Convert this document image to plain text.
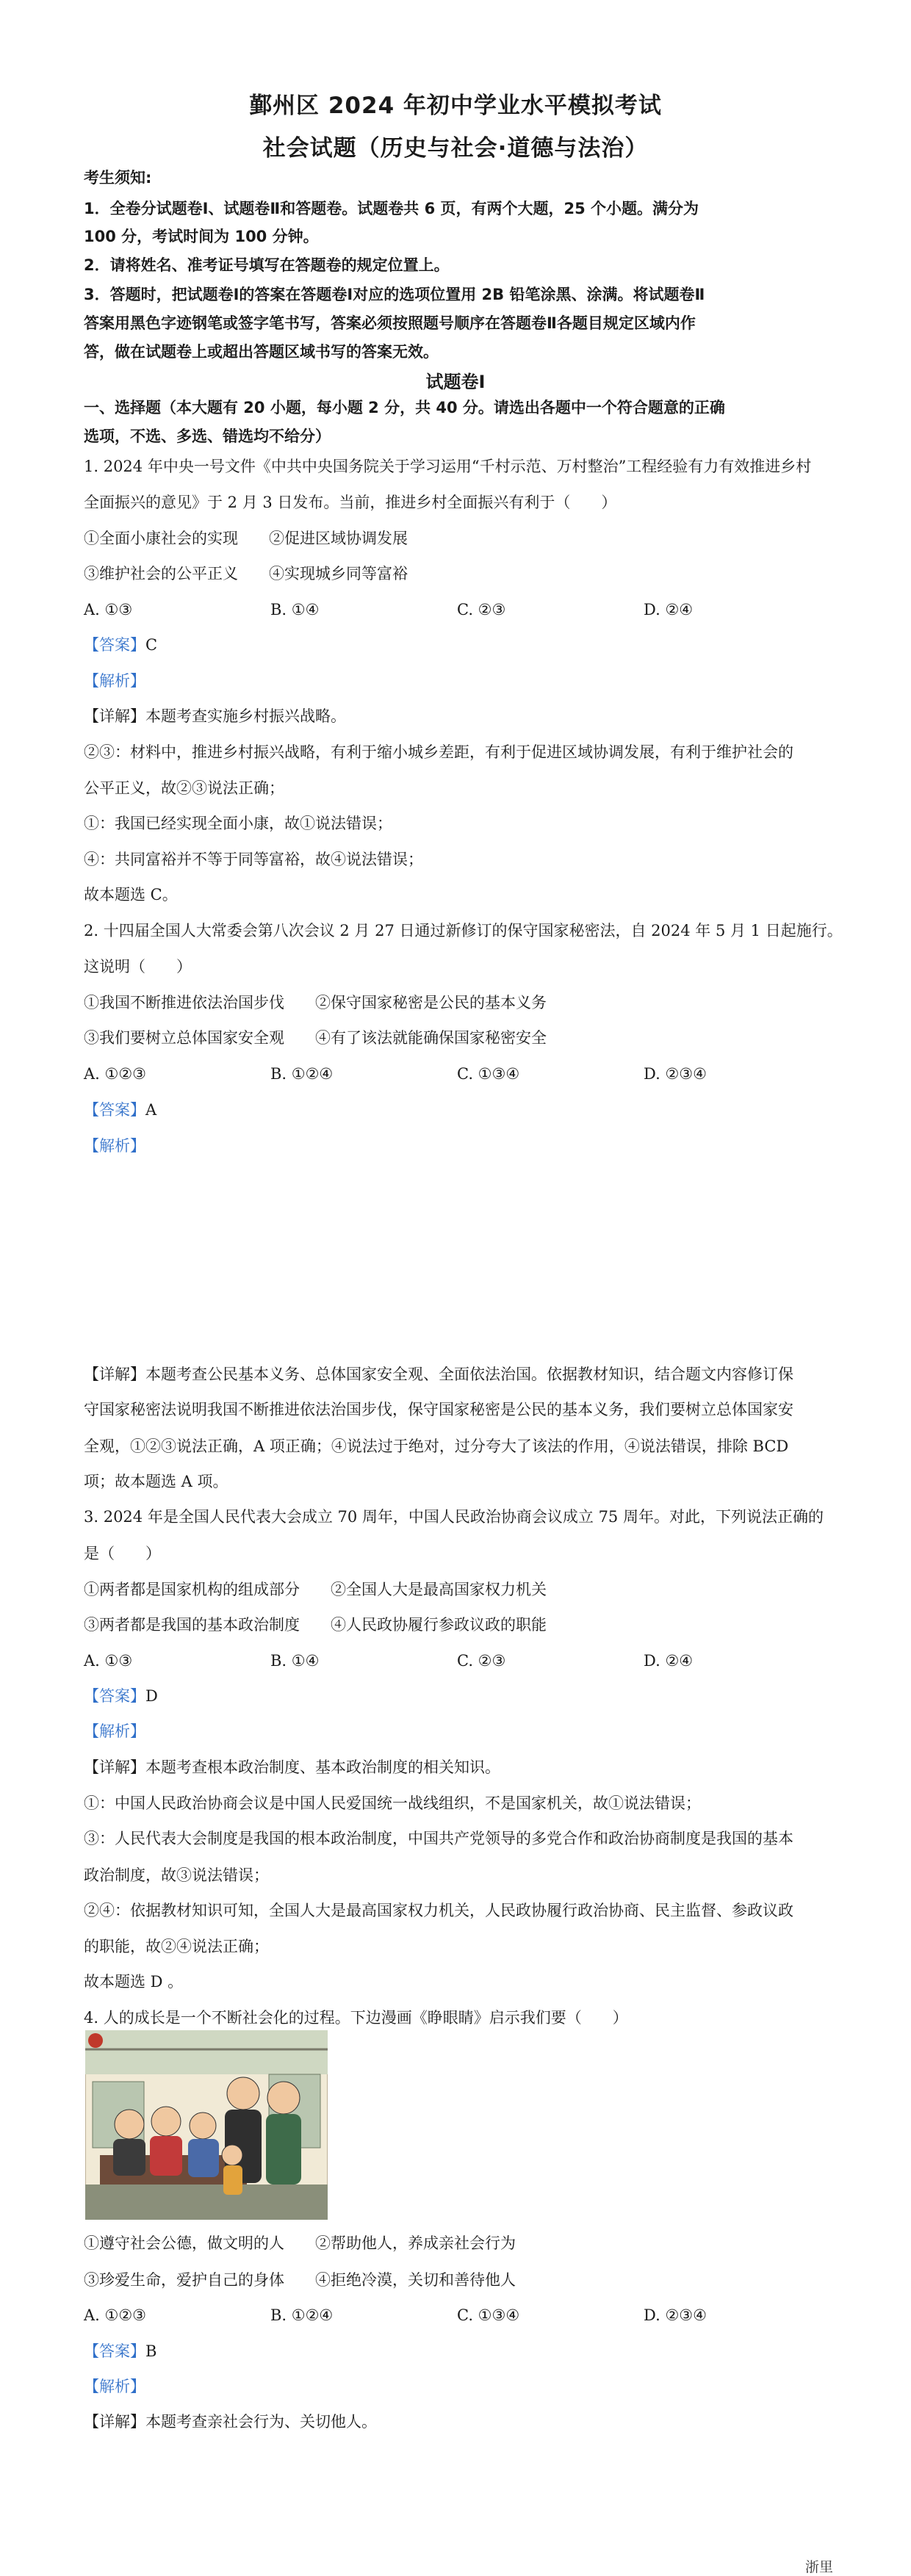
鄞州区 2024 年初中学业水平模拟考试
社会试题（历史与社会·道德与法治）
考生须知:
1．全卷分试题卷Ⅰ、试题卷Ⅱ和答题卷。试题卷共 6 页，有两个大题，25 个小题。满分为
100 分，考试时间为 100 分钟。
2．请将姓名、准考证号填写在答题卷的规定位置上。
3．答题时，把试题卷Ⅰ的答案在答题卷Ⅰ对应的选项位置用 2B 铅笔涂黑、涂满。将试题卷Ⅱ
答案用黑色字迹钢笔或签字笔书写，答案必须按照题号顺序在答题卷Ⅱ各题目规定区域内作
答，做在试题卷上或超出答题区域书写的答案无效。
试题卷Ⅰ
一、选择题（本大题有 20 小题，每小题 2 分，共 40 分。请选出各题中一个符合题意的正确
选项，不选、多选、错选均不给分）
1. 2024 年中央一号文件《中共中央国务院关于学习运用“千村示范、万村整治”工程经验有力有效推进乡村
全面振兴的意见》于 2 月 3 日发布。当前，推进乡村全面振兴有利于（　　）
①全面小康社会的实现　　②促进区域协调发展
③维护社会的公平正义　　④实现城乡同等富裕
A. ①③	B. ①④	C. ②③	D. ②④
【答案】C
【解析】
【详解】本题考查实施乡村振兴战略。
②③：材料中，推进乡村振兴战略，有利于缩小城乡差距，有利于促进区域协调发展，有利于维护社会的
公平正义，故②③说法正确；
①：我国已经实现全面小康，故①说法错误；
④：共同富裕并不等于同等富裕，故④说法错误；
故本题选 C。
2. 十四届全国人大常委会第八次会议 2 月 27 日通过新修订的保守国家秘密法，自 2024 年 5 月 1 日起施行。
这说明（　　）
①我国不断推进依法治国步伐　　②保守国家秘密是公民的基本义务
③我们要树立总体国家安全观　　④有了该法就能确保国家秘密安全
A. ①②③	B. ①②④	C. ①③④	D. ②③④
【答案】A
【解析】
【详解】本题考查公民基本义务、总体国家安全观、全面依法治国。依据教材知识，结合题文内容修订保
守国家秘密法说明我国不断推进依法治国步伐，保守国家秘密是公民的基本义务，我们要树立总体国家安
全观，①②③说法正确，A 项正确；④说法过于绝对，过分夸大了该法的作用，④说法错误，排除 BCD
项；故本题选 A 项。
3. 2024 年是全国人民代表大会成立 70 周年，中国人民政治协商会议成立 75 周年。对此，下列说法正确的
是（　　）
①两者都是国家机构的组成部分　　②全国人大是最高国家权力机关
③两者都是我国的基本政治制度　　④人民政协履行参政议政的职能
A. ①③	B. ①④	C. ②③	D. ②④
【答案】D
【解析】
【详解】本题考查根本政治制度、基本政治制度的相关知识。
①：中国人民政治协商会议是中国人民爱国统一战线组织，不是国家机关，故①说法错误；
③：人民代表大会制度是我国的根本政治制度，中国共产党领导的多党合作和政治协商制度是我国的基本
政治制度，故③说法错误；
②④：依据教材知识可知，全国人大是最高国家权力机关，人民政协履行政治协商、民主监督、参政议政
的职能，故②④说法正确；
故本题选 D 。
4. 人的成长是一个不断社会化的过程。下边漫画《睁眼睛》启示我们要（　　）
①遵守社会公德，做文明的人　　②帮助他人，养成亲社会行为
③珍爱生命，爱护自己的身体　　④拒绝冷漠，关切和善待他人
A. ①②③	B. ①②④	C. ①③④	D. ②③④
【答案】B
【解析】
【详解】本题考查亲社会行为、关切他人。
浙里
